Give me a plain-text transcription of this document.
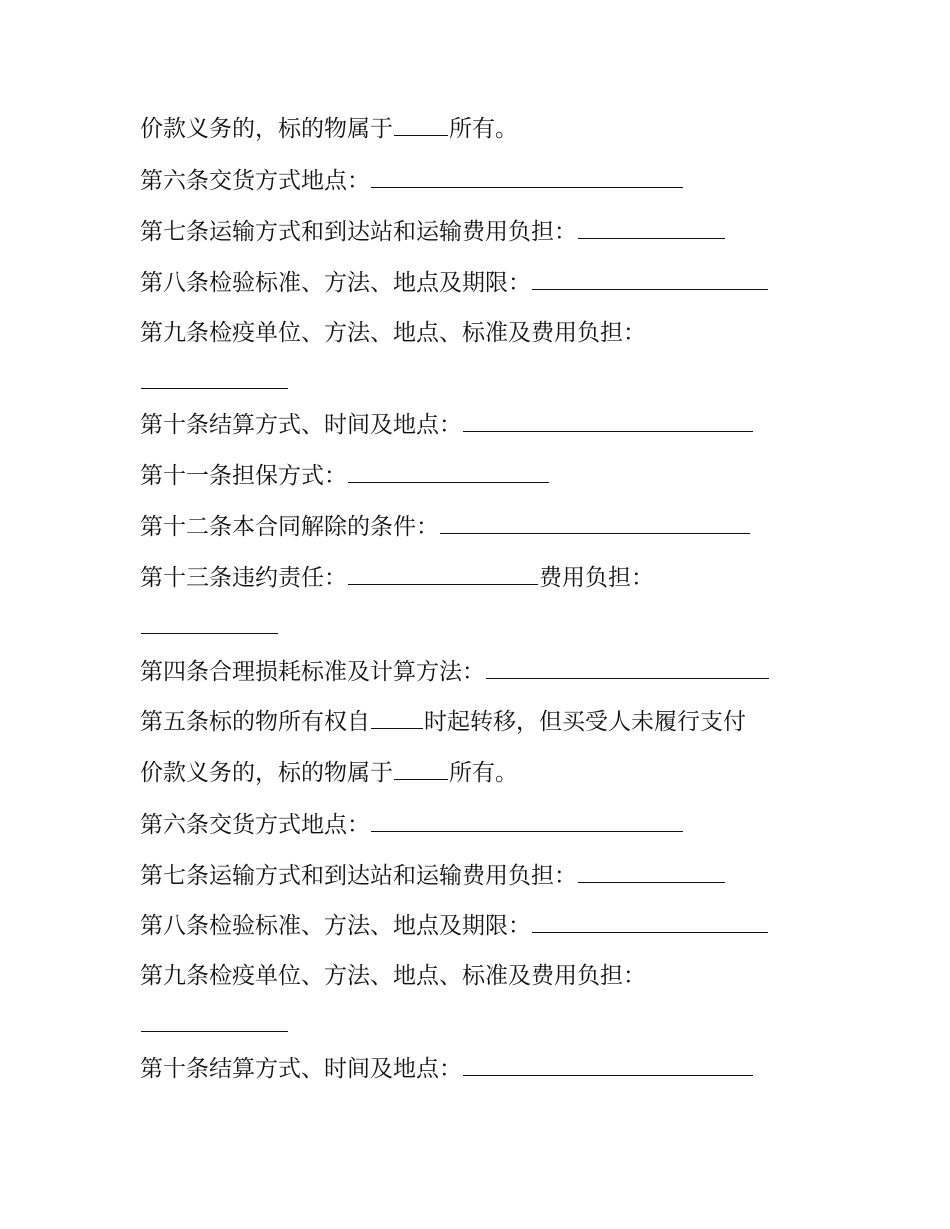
价款义务的，标的物属于 所有。
第六条交货方式地点：
第七条运输方式和到达站和运输费用负担：
第八条检验标准、方法、地点及期限：
第九条检疫单位、方法、地点、标准及费用负担：
第十条结算方式、时间及地点：
第十一条担保方式：
第十二条本合同解除的条件：
第十三条违约责任：	费用负担：
第四条合理损耗标准及计算方法：
第五条标的物所有权自 时起转移，但买受人未履行支付
价款义务的，标的物属于 所有。
第六条交货方式地点：
第七条运输方式和到达站和运输费用负担：
第八条检验标准、方法、地点及期限：
第九条检疫单位、方法、地点、标准及费用负担：
第十条结算方式、时间及地点：
